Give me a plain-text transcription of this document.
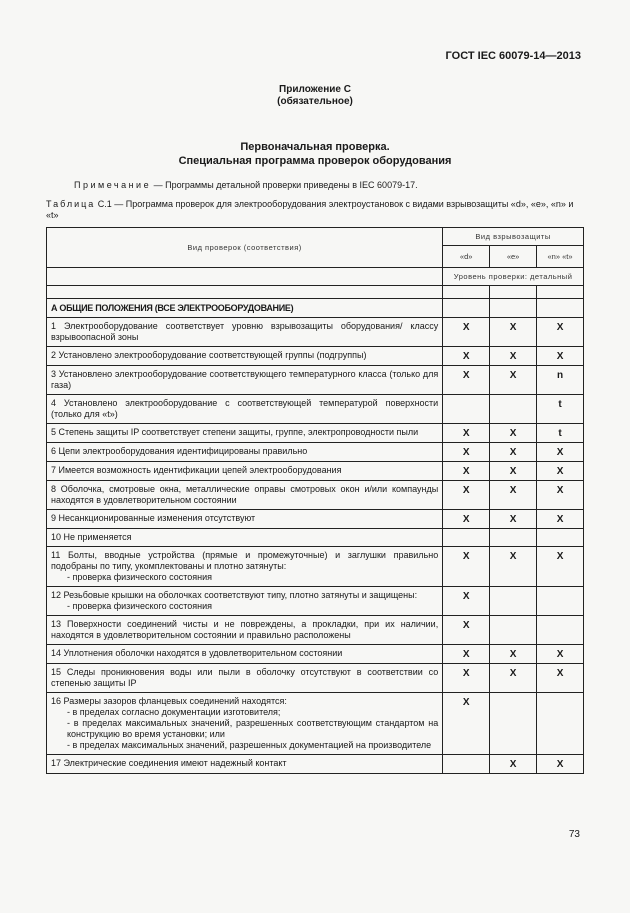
ГОСТ IEC 60079-14—2013
Приложение С
(обязательное)
Первоначальная проверка.
Специальная программа проверок оборудования
Примечание — Программы детальной проверки приведены в IEC 60079-17.
Таблица С.1 — Программа проверок для электрооборудования электроустановок с видами взрывозащиты «d», «e», «n» и «t»
Вид проверок (соответствия)	Вид взрывозащиты		
	«d»	«e»	«n» «t»
	Уровень проверки: детальный		

А ОБЩИЕ ПОЛОЖЕНИЯ (ВСЕ ЭЛЕКТРООБОРУДОВАНИЕ)			

1 Электрооборудование соответствует уровню взрывозащиты оборудования/ классу взрывоопасной зоны	X	X	X

2 Установлено электрооборудование соответствующей группы (подгруппы)	X	X	X

3 Установлено электрооборудование соответствующего температурного класса (только для газа)	X	X	n

4 Установлено электрооборудование с соответствующей температурой поверхности (только для «t»)			t

5 Степень защиты IP соответствует степени защиты, группе, электропроводности пыли	X	X	t

6 Цепи электрооборудования идентифицированы правильно	X	X	X

7 Имеется возможность идентификации цепей электрооборудования	X	X	X

8 Оболочка, смотровые окна, металлические оправы смотровых окон и/или компаунды находятся в удовлетворительном состоянии	X	X	X

9 Несанкционированные изменения отсутствуют	X	X	X

10 Не применяется			

11 Болты, вводные устройства (прямые и промежуточные) и заглушки правильно подобраны по типу, укомплектованы и плотно затянуты:
- проверка физического состояния	X	X	X

12 Резьбовые крышки на оболочках соответствуют типу, плотно затянуты и защищены:
- проверка физического состояния	X		

13 Поверхности соединений чисты и не повреждены, а прокладки, при их наличии, находятся в удовлетворительном состоянии и правильно расположены	X		

14 Уплотнения оболочки находятся в удовлетворительном состоянии	X	X	X

15 Следы проникновения воды или пыли в оболочку отсутствуют в соответствии со степенью защиты IP	X	X	X

16 Размеры зазоров фланцевых соединений находятся:
- в пределах согласно документации изготовителя;
- в пределах максимальных значений, разрешенных соответствующим стандартом на конструкцию во время установки; или
- в пределах максимальных значений, разрешенных документацией на производителе	X		

17 Электрические соединения имеют надежный контакт		X	X
73
